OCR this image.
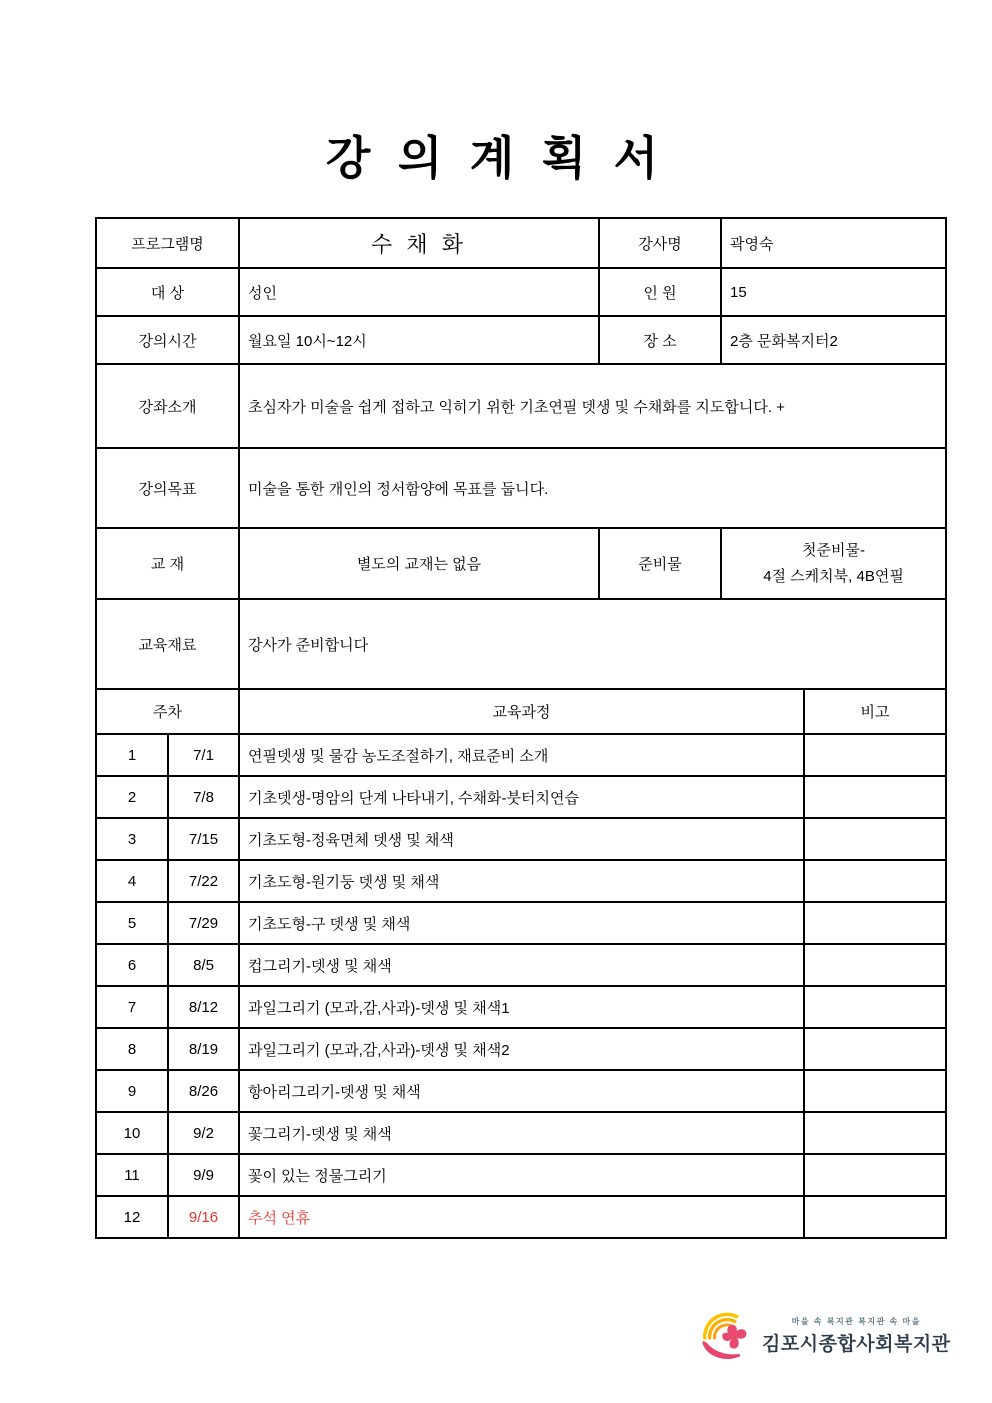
강 의 계 획 서
프로그램명	수 채 화	강사명	곽영숙
대 상	성인	인 원	15
강의시간	월요일 10시~12시	장 소	2층 문화복지터2
강좌소개	초심자가 미술을 쉽게 접하고 익히기 위한 기초연필 뎃생 및 수채화를 지도합니다. +		
강의목표	미술을 통한 개인의 정서함양에 목표를 둡니다.		
교 재	별도의 교재는 없음	준비물	첫준비물-
4절 스케치북, 4B연필

교육재료	강사가 준비합니다		
주차		교육과정	비고
1	7/1	연필뎃생 및 물감 농도조절하기, 재료준비 소개	
2	7/8	기초뎃생-명암의 단계 나타내기, 수채화-붓터치연습	
3	7/15	기초도형-정육면체 뎃생 및 채색	
4	7/22	기초도형-원기둥 뎃생 및 채색	
5	7/29	기초도형-구 뎃생 및 채색	
6	8/5	컵그리기-뎃생 및 채색	
7	8/12	과일그리기 (모과,감,사과)-뎃생 및 채색1	
8	8/19	과일그리기 (모과,감,사과)-뎃생 및 채색2	
9	8/26	항아리그리기-뎃생 및 채색	
10	9/2	꽃그리기-뎃생 및 채색	
11	9/9	꽃이 있는 정물그리기	
12	9/16	추석 연휴	
마을 속 복지관 복지관 속 마을
김포시종합사회복지관
